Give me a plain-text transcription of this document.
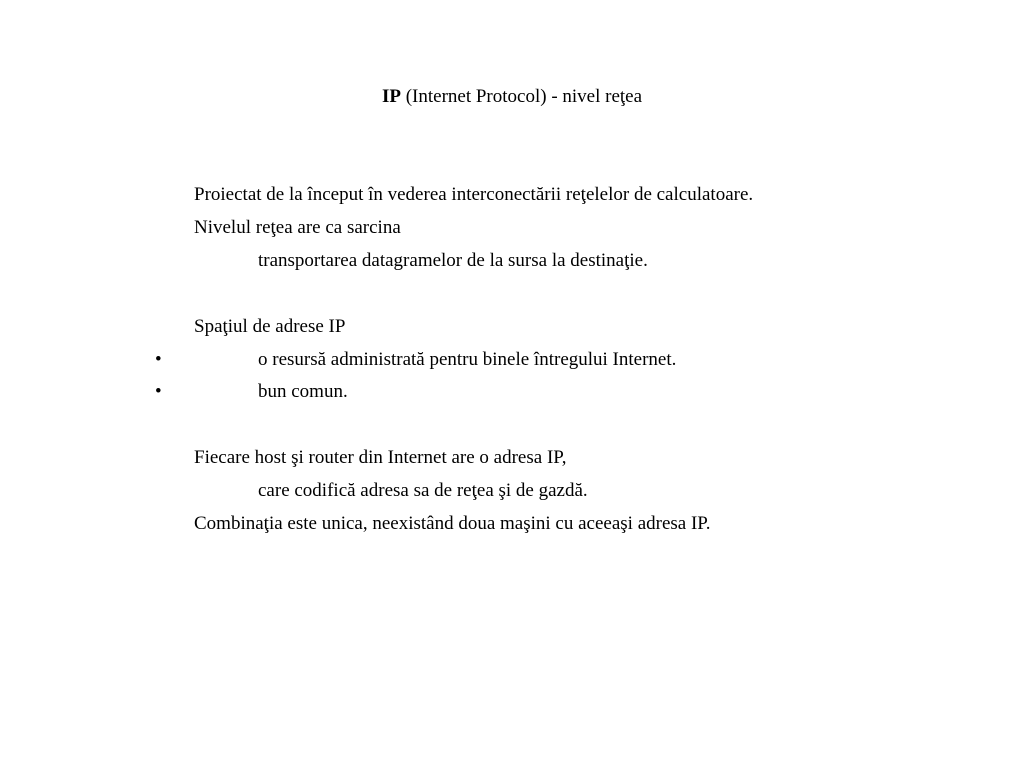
IP (Internet Protocol) - nivel reţea
Proiectat de la început în vederea interconectării reţelelor de calculatoare.
Nivelul reţea are ca sarcina
transportarea datagramelor de la sursa la destinaţie.
Spaţiul de adrese IP
•	o resursă administrată pentru binele întregului Internet.
•	bun comun.
Fiecare host şi router din Internet are o adresa IP,
care codifică adresa sa de reţea şi de gazdă.
Combinaţia este unica, neexistând doua maşini cu aceeaşi adresa IP.
